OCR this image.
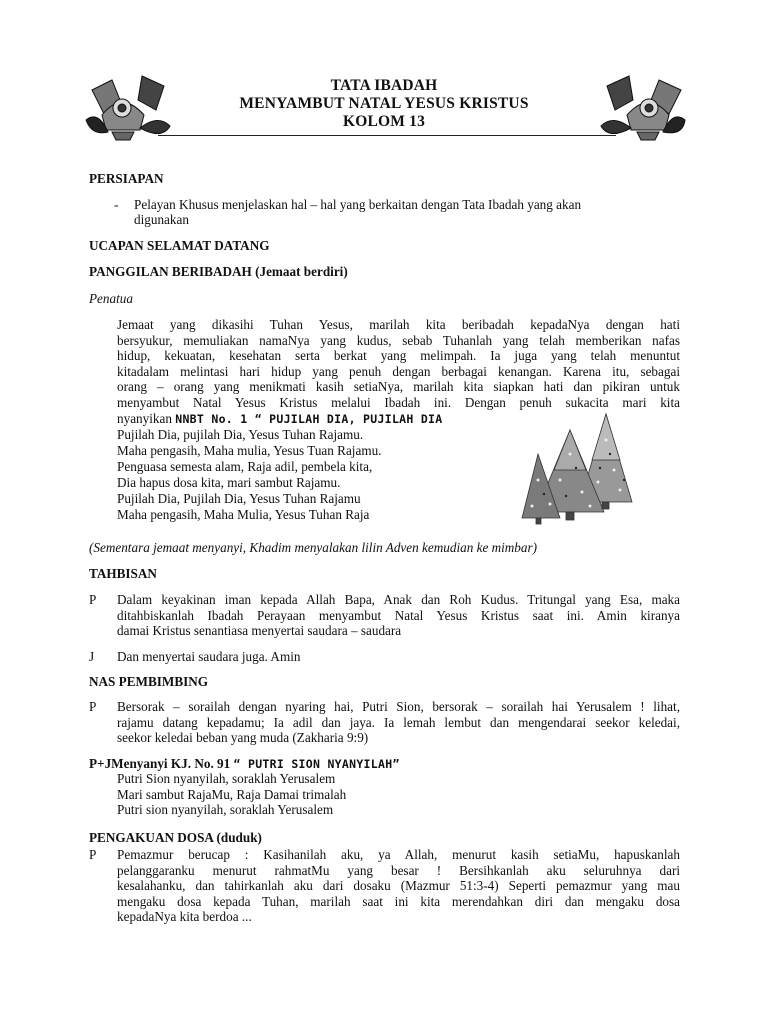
TATA IBADAH
MENYAMBUT NATAL YESUS KRISTUS
KOLOM 13
PERSIAPAN
- Pelayan Khusus menjelaskan hal – hal yang berkaitan dengan Tata Ibadah yang akan
digunakan
UCAPAN SELAMAT DATANG
PANGGILAN BERIBADAH (Jemaat berdiri)
Penatua
Jemaat yang dikasihi Tuhan Yesus, marilah kita beribadah kepadaNya dengan hati
bersyukur, memuliakan namaNya yang kudus, sebab Tuhanlah yang telah memberikan nafas
hidup, kekuatan, kesehatan serta berkat yang melimpah. Ia juga yang telah menuntut
kitadalam melintasi hari hidup yang penuh dengan berbagai kenangan. Karena itu, sebagai
orang – orang yang menikmati kasih setiaNya, marilah kita siapkan hati dan pikiran untuk
menyambut Natal Yesus Kristus melalui Ibadah ini. Dengan penuh sukacita mari kita
nyanyikan NNBT No. 1 “ PUJILAH DIA, PUJILAH DIA
Pujilah Dia, pujilah Dia, Yesus Tuhan Rajamu.
Maha pengasih, Maha mulia, Yesus Tuan Rajamu.
Penguasa semesta alam, Raja adil, pembela kita,
Dia hapus dosa kita, mari sambut Rajamu.
Pujilah Dia, Pujilah Dia, Yesus Tuhan Rajamu
Maha pengasih, Maha Mulia, Yesus Tuhan Raja
(Sementara jemaat menyanyi, Khadim menyalakan lilin Adven kemudian ke mimbar)
TAHBISAN
P Dalam keyakinan iman kepada Allah Bapa, Anak dan Roh Kudus. Tritungal yang Esa, maka
ditahbiskanlah Ibadah Perayaan menyambut Natal Yesus Kristus saat ini. Amin kiranya
damai Kristus senantiasa menyertai saudara – saudara
J Dan menyertai saudara juga. Amin
NAS PEMBIMBING
P Bersorak – sorailah dengan nyaring hai, Putri Sion, bersorak – sorailah hai Yerusalem ! lihat,
rajamu datang kepadamu; Ia adil dan jaya. Ia lemah lembut dan mengendarai seekor keledai,
seekor keledai beban yang muda (Zakharia 9:9)
P+JMenyanyi KJ. No. 91 “ PUTRI SION NYANYILAH”
Putri Sion nyanyilah, soraklah Yerusalem
Mari sambut RajaMu, Raja Damai trimalah
Putri sion nyanyilah, soraklah Yerusalem
PENGAKUAN DOSA (duduk)
P Pemazmur berucap : Kasihanilah aku, ya Allah, menurut kasih setiaMu, hapuskanlah
pelanggaranku menurut rahmatMu yang besar ! Bersihkanlah aku seluruhnya dari
kesalahanku, dan tahirkanlah aku dari dosaku (Mazmur 51:3-4) Seperti pemazmur yang mau
mengaku dosa kepada Tuhan, marilah saat ini kita merendahkan diri dan mengaku dosa
kepadaNya kita berdoa ...
